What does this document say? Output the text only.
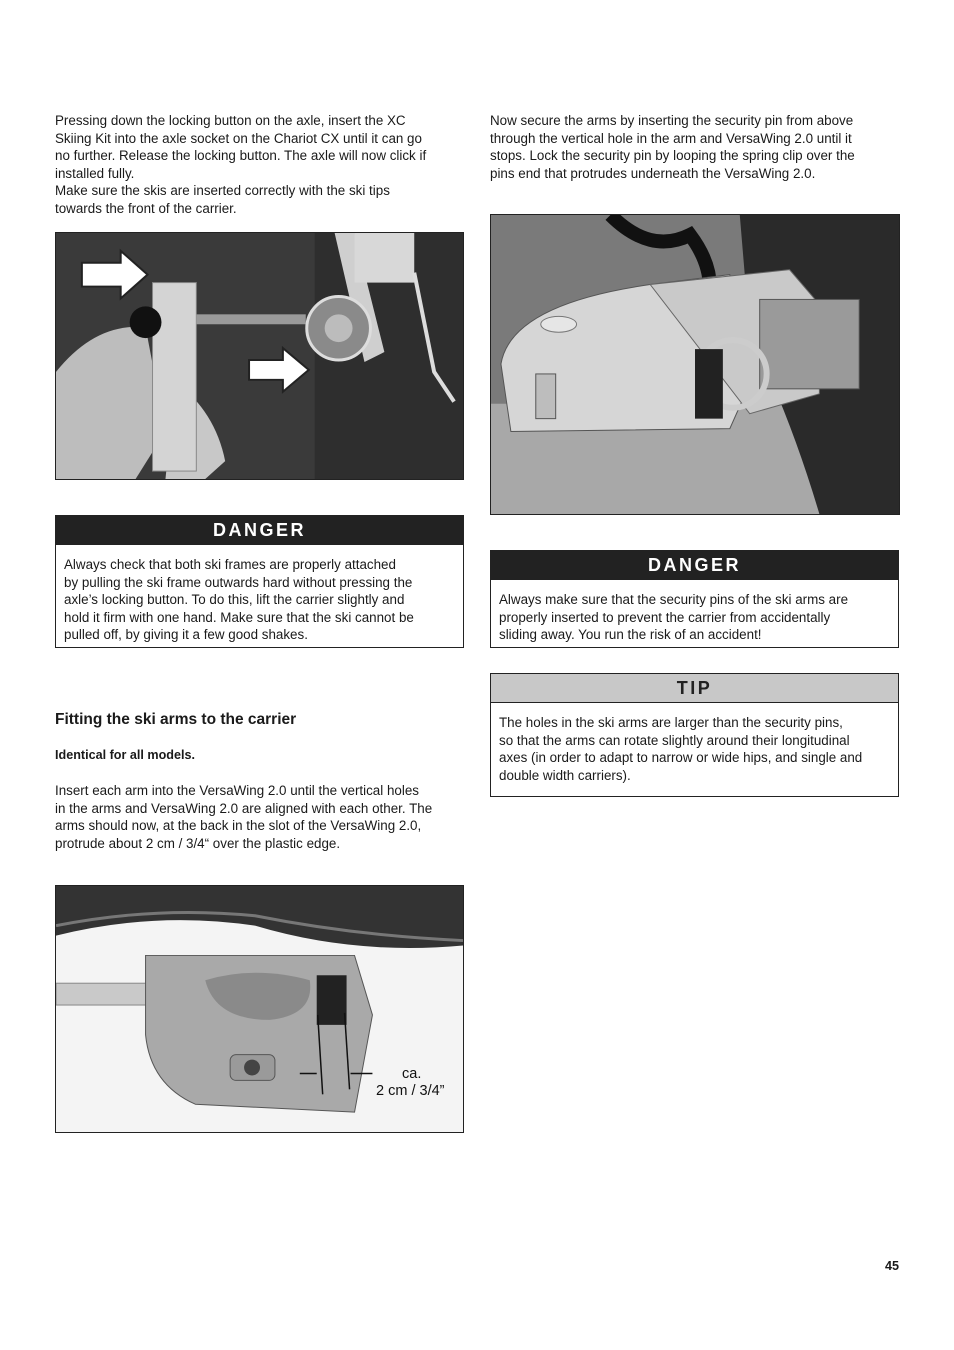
Pressing down the locking button on the axle, insert the XC
Skiing Kit into the axle socket on the Chariot CX until it can go
no further. Release the locking button. The axle will now click if
installed fully.
Make sure the skis are inserted correctly with the ski tips
towards the front of the carrier.

DANGER
Always check that both ski frames are properly attached
by pulling the ski frame outwards hard without pressing the
axle’s locking button. To do this, lift the carrier slightly and
hold it firm with one hand. Make sure that the ski cannot be
pulled off, by giving it a few good shakes.
Fitting the ski arms to the carrier
Identical for all models.

Insert each arm into the VersaWing 2.0 until the vertical holes
in the arms and VersaWing 2.0 are aligned with each other. The
arms should now, at the back in the slot of the VersaWing 2.0,
protrude about 2 cm / 3/4“ over the plastic edge.

ca.
2 cm / 3/4”

Now secure the arms by inserting the security pin from above
through the vertical hole in the arm and VersaWing 2.0 until it
stops. Lock the security pin by looping the spring clip over the
pins end that protrudes underneath the VersaWing 2.0.

DANGER
Always make sure that the security pins of the ski arms are
properly inserted to prevent the carrier from accidentally
sliding away. You run the risk of an accident!
TIP
The holes in the ski arms are larger than the security pins,
so that the arms can rotate slightly around their longitudinal
axes (in order to adapt to narrow or wide hips, and single and
double width carriers).
45
